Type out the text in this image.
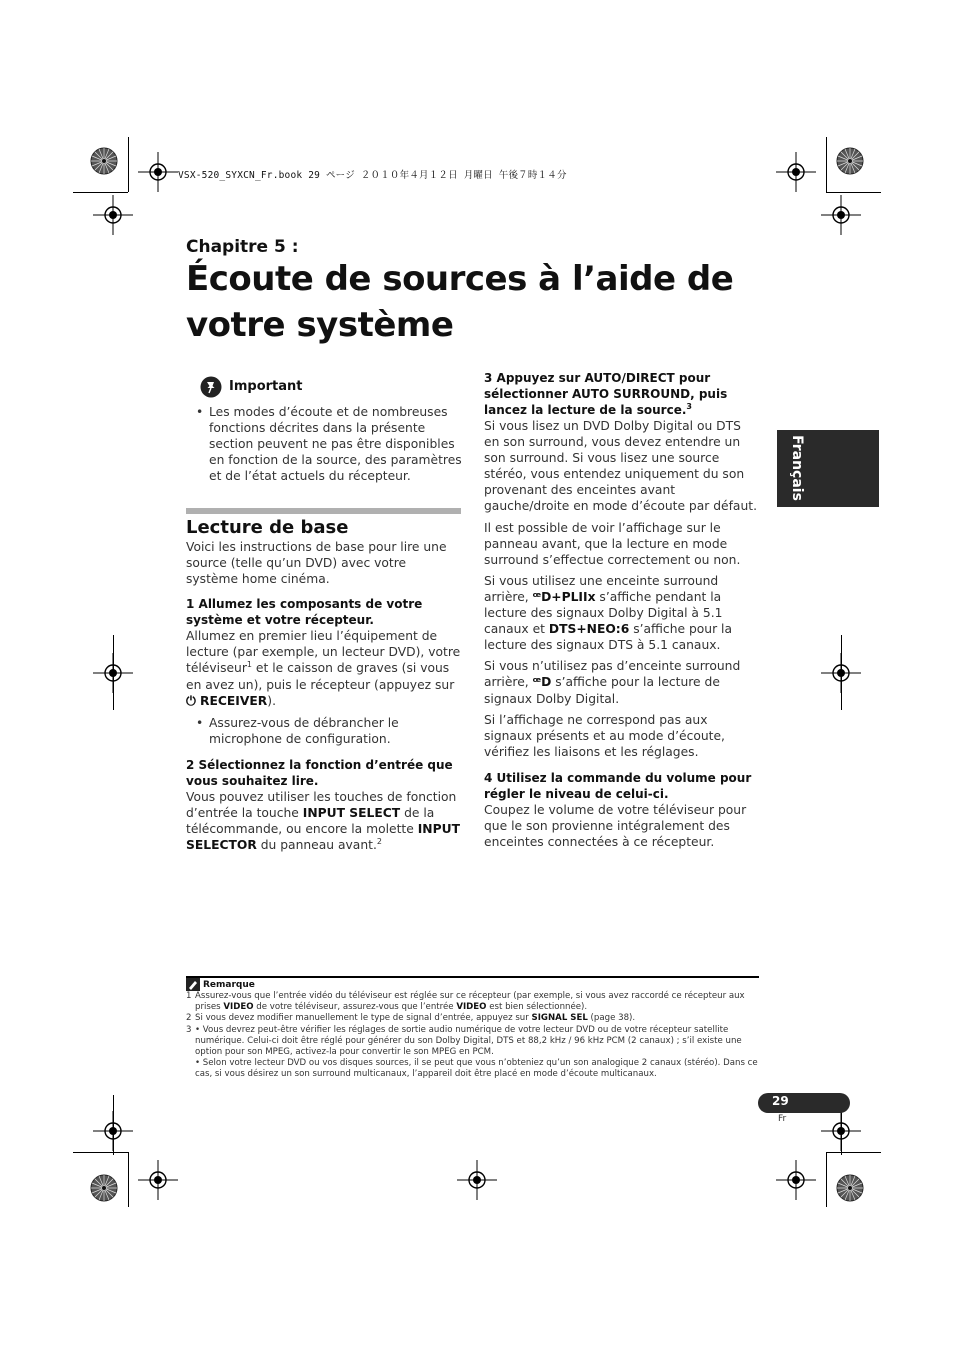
VSX-520_SYXCN_Fr.book 29 ページ ２０１０年４月１２日 月曜日 午後７時１４分
Chapitre 5 :
Écoute de sources à l’aide de
votre système
Français
Important
• Les modes d’écoute et de nombreuses fonctions décrites dans la présente section peuvent ne pas être disponibles en fonction de la source, des paramètres et de l’état actuels du récepteur.
Lecture de base

Voici les instructions de base pour lire une source (telle qu’un DVD) avec votre système home cinéma.

1 Allumez les composants de votre système et votre récepteur.

Allumez en premier lieu l’équipement de lecture (par exemple, un lecteur DVD), votre téléviseur$^1$ et le caisson de graves (si vous en avez un), puis le récepteur (appuyez sur ⏻ RECEIVER).

• Assurez-vous de débrancher le microphone de configuration.

2 Sélectionnez la fonction d’entrée que vous souhaitez lire.

Vous pouvez utiliser les touches de fonction d’entrée la touche INPUT SELECT de la télécommande, ou encore la molette INPUT SELECTOR du panneau avant.$^2$

3 Appuyez sur AUTO/DIRECT pour sélectionner AUTO SURROUND, puis lancez la lecture de la source.$^3$

Si vous lisez un DVD Dolby Digital ou DTS en son surround, vous devez entendre un son surround. Si vous lisez une source stéréo, vous entendez uniquement du son provenant des enceintes avant gauche/droite en mode d’écoute par défaut.

Il est possible de voir l’affichage sur le panneau avant, que la lecture en mode surround s’effectue correctement ou non.

Si vous utilisez une enceinte surround arrière, ꟹD+PLIIx s’affiche pendant la lecture des signaux Dolby Digital à 5.1 canaux et DTS+NEO:6 s’affiche pour la lecture des signaux DTS à 5.1 canaux.

Si vous n’utilisez pas d’enceinte surround arrière, ꟹD s’affiche pour la lecture de signaux Dolby Digital.

Si l’affichage ne correspond pas aux signaux présents et au mode d’écoute, vérifiez les liaisons et les réglages.

4 Utilisez la commande du volume pour régler le niveau de celui-ci.

Coupez le volume de votre téléviseur pour que le son provienne intégralement des enceintes connectées à ce récepteur.

Remarque
1 Assurez-vous que l’entrée vidéo du téléviseur est réglée sur ce récepteur (par exemple, si vous avez raccordé ce récepteur aux prises VIDEO de votre téléviseur, assurez-vous que l’entrée VIDEO est bien sélectionnée).
2 Si vous devez modifier manuellement le type de signal d’entrée, appuyez sur SIGNAL SEL (page 38).
3 • Vous devrez peut-être vérifier les réglages de sortie audio numérique de votre lecteur DVD ou de votre récepteur satellite numérique. Celui-ci doit être réglé pour générer du son Dolby Digital, DTS et 88,2 kHz / 96 kHz PCM (2 canaux) ; s’il existe une option pour son MPEG, activez-la pour convertir le son MPEG en PCM.
• Selon votre lecteur DVD ou vos disques sources, il se peut que vous n’obteniez qu’un son analogique 2 canaux (stéréo). Dans ce cas, si vous désirez un son surround multicanaux, l’appareil doit être placé en mode d’écoute multicanaux.
29
Fr
